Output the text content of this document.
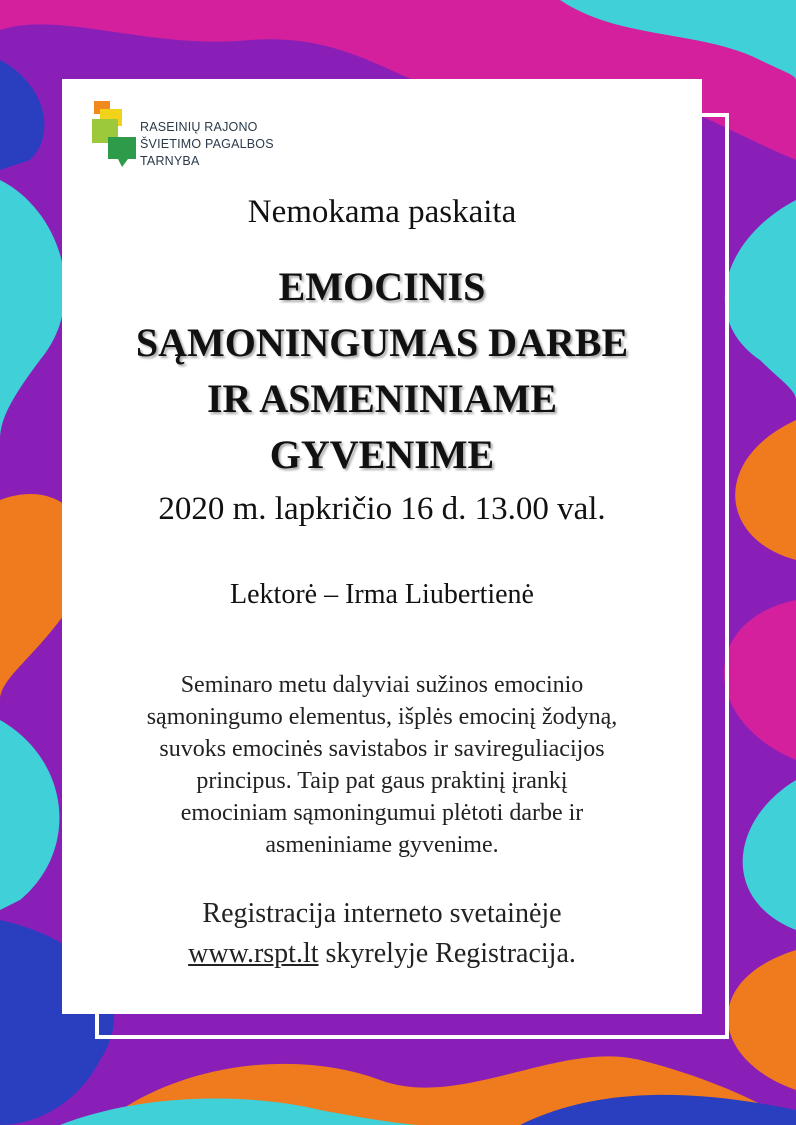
RASEINIŲ RAJONO
ŠVIETIMO PAGALBOS
TARNYBA
Nemokama paskaita
EMOCINIS
SĄMONINGUMAS DARBE
IR ASMENINIAME
GYVENIME
2020 m. lapkričio 16 d. 13.00 val.
Lektorė – Irma Liubertienė
Seminaro metu dalyviai sužinos emocinio
sąmoningumo elementus, išplės emocinį žodyną,
suvoks emocinės savistabos ir savireguliacijos
principus. Taip pat gaus praktinį įrankį
emociniam sąmoningumui plėtoti darbe ir
asmeniniame gyvenime.
Registracija interneto svetainėje
www.rspt.lt skyrelyje Registracija.
